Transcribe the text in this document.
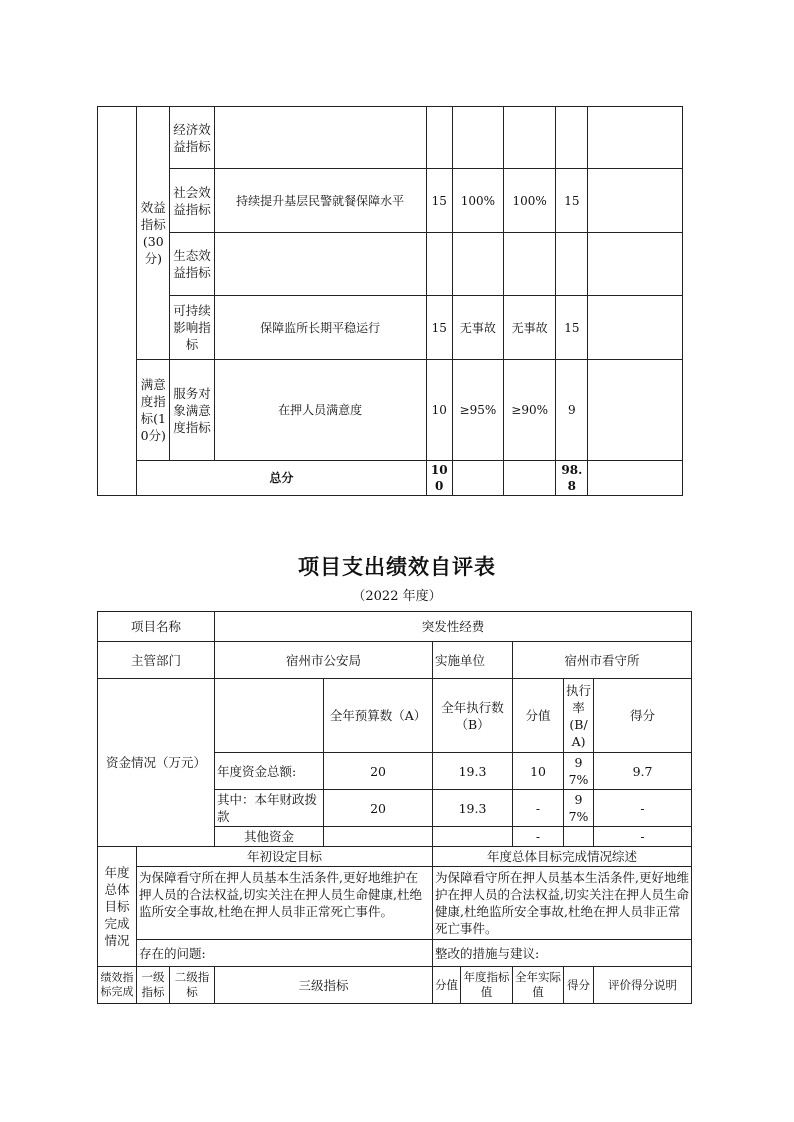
	效益指标(30分)	经济效益指标						
		社会效益指标	持续提升基层民警就餐保障水平	15	100%	100%	15	
		生态效益指标						
		可持续影响指标	保障监所长期平稳运行	15	无事故	无事故	15	
	满意度指标(10分)	服务对象满意度指标	在押人员满意度	10	≥95%	≥90%	9	
	总分			100			98.8	
项目支出绩效自评表
（2022 年度）
项目名称			突发性经费						
主管部门			宿州市公安局		实施单位		宿州市看守所		
资金情况（万元）				全年预算数（A）	全年执行数（B）		分值	执行率(B/A)	得分
			年度资金总额:	20	19.3		10	97%	9.7
			其中：本年财政拨款	20	19.3		-	97%	-
			其他资金				-		-
年度总体目标完成情况	年初设定目标				年度总体目标完成情况综述				
	为保障看守所在押人员基本生活条件,更好地维护在押人员的合法权益,切实关注在押人员生命健康,杜绝监所安全事故,杜绝在押人员非正常死亡事件。				为保障看守所在押人员基本生活条件,更好地维护在押人员的合法权益,切实关注在押人员生命健康,杜绝监所安全事故,杜绝在押人员非正常死亡事件。				
	存在的问题:				整改的措施与建议:				
绩效指标完成	一级指标	二级指标	三级指标		分值	年度指标值	全年实际值	得分	评价得分说明
